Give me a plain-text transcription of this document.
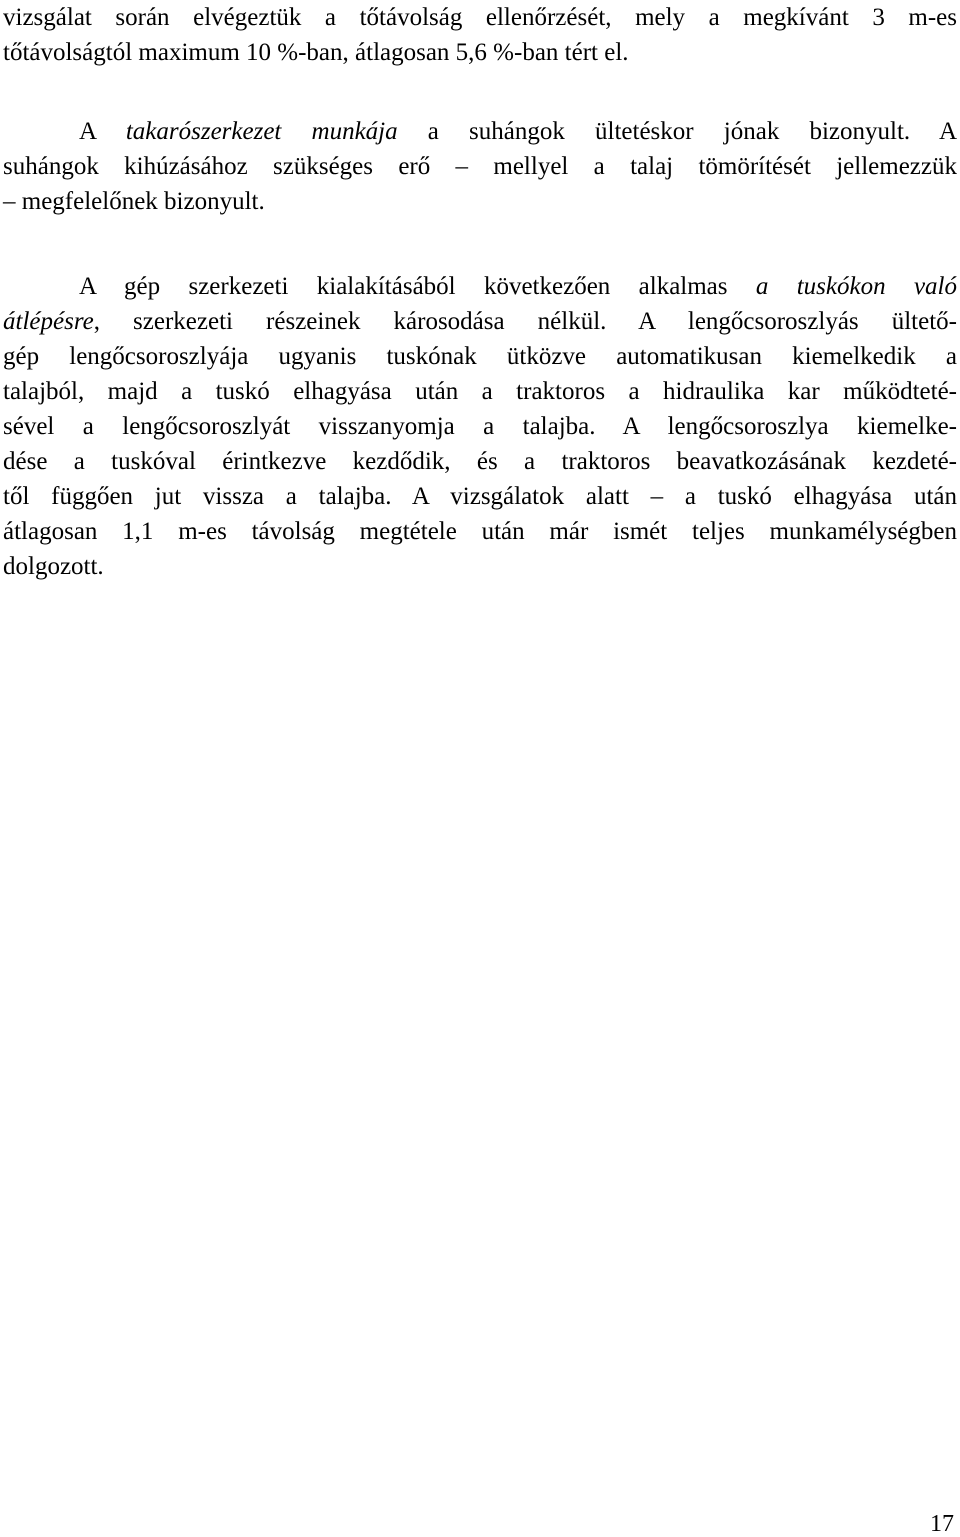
vizsgálat során elvégeztük a tőtávolság ellenőrzését, mely a megkívánt 3 m-es
tőtávolságtól maximum 10 %-ban, átlagosan 5,6 %-ban tért el.
A takarószerkezet munkája a suhángok ültetéskor jónak bizonyult. A
suhángok kihúzásához szükséges erő – mellyel a talaj tömörítését jellemezzük
– megfelelőnek bizonyult.
A gép szerkezeti kialakításából következően alkalmas a tuskókon való
átlépésre, szerkezeti részeinek károsodása nélkül. A lengőcsoroszlyás ültető-
gép lengőcsoroszlyája ugyanis tuskónak ütközve automatikusan kiemelkedik a
talajból, majd a tuskó elhagyása után a traktoros a hidraulika kar működteté-
sével a lengőcsoroszlyát visszanyomja a talajba. A lengőcsoroszlya kiemelke-
dése a tuskóval érintkezve kezdődik, és a traktoros beavatkozásának kezdeté-
től függően jut vissza a talajba. A vizsgálatok alatt – a tuskó elhagyása után
átlagosan 1,1 m-es távolság megtétele után már ismét teljes munkamélységben
dolgozott.
17
